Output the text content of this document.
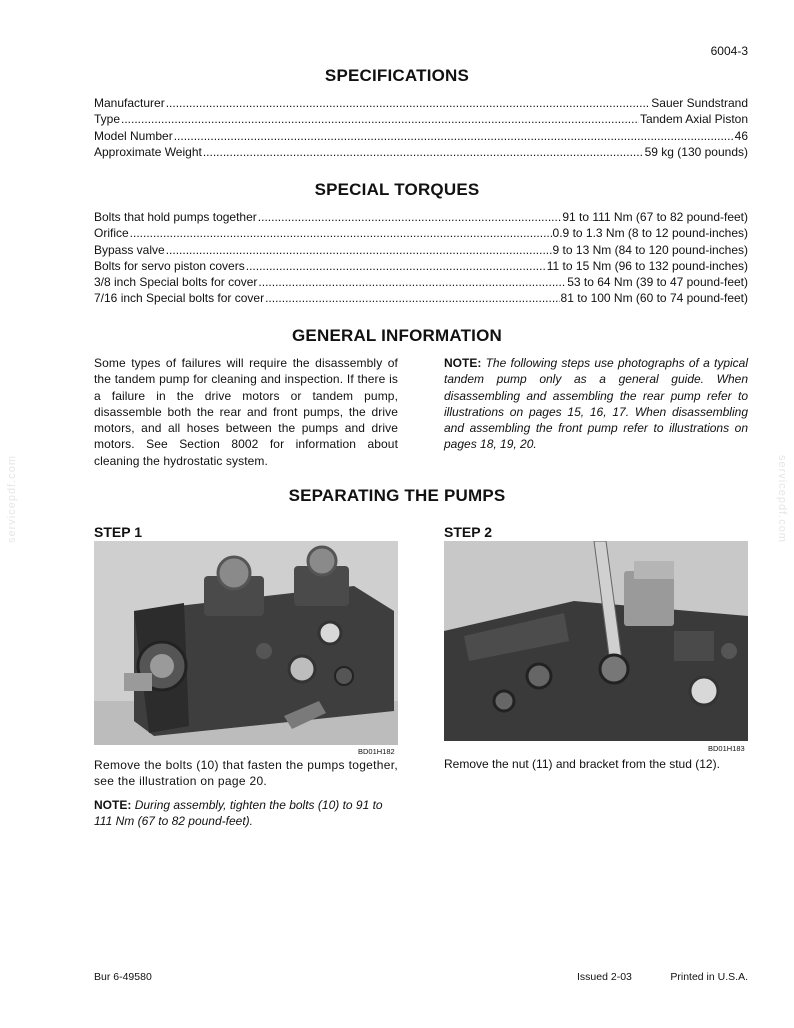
6004-3
SPECIFICATIONS
Manufacturer .....	Sauer Sundstrand
Type .....	Tandem Axial Piston
Model Number .....	46
Approximate Weight .....	59 kg (130 pounds)
SPECIAL TORQUES
Bolts that hold pumps together .....	91 to 111 Nm (67 to 82 pound-feet)
Orifice .....	0.9 to 1.3 Nm (8 to 12 pound-inches)
Bypass valve .....	9 to 13 Nm (84 to 120 pound-inches)
Bolts for servo piston covers .....	11 to 15 Nm (96 to 132 pound-inches)
3/8 inch Special bolts for cover .....	53 to 64 Nm (39 to 47 pound-feet)
7/16 inch Special bolts for cover .....	81 to 100 Nm (60 to 74 pound-feet)
GENERAL INFORMATION
Some types of failures will require the disassembly of the tandem pump for cleaning and inspection. If there is a failure in the drive motors or tandem pump, disassemble both the rear and front pumps, the drive motors, and all hoses between the pumps and drive motors. See Section 8002 for information about cleaning the hydrostatic system.
NOTE: The following steps use photographs of a typical tandem pump only as a general guide. When disassembling and assembling the rear pump refer to illustrations on pages 15, 16, 17. When disassembling and assembling the front pump refer to illustrations on pages 18, 19, 20.
SEPARATING THE PUMPS
STEP 1
BD01H182
Remove the bolts (10) that fasten the pumps together, see the illustration on page 20.
NOTE: During assembly, tighten the bolts (10) to 91 to 111 Nm (67 to 82 pound-feet).
STEP 2
BD01H183
Remove the nut (11) and bracket from the stud (12).
Bur 6-49580	Issued 2-03	Printed in U.S.A.
servicepdf.com	servicepdf.com
